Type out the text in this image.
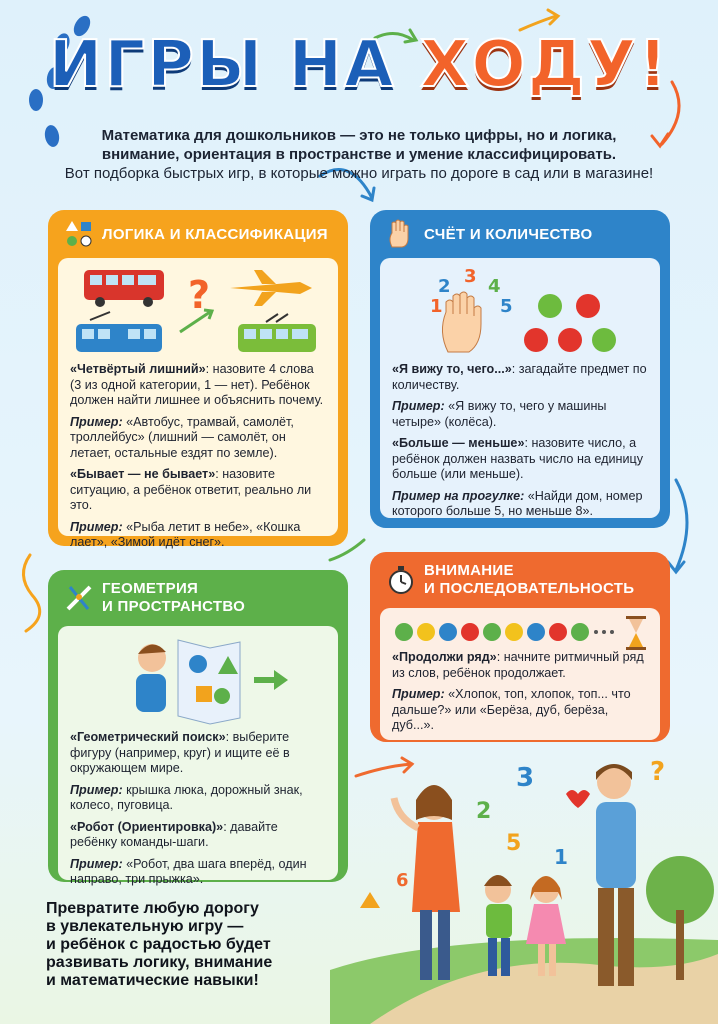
ИГРЫ НА ХОДУ!
Математика для дошкольников — это не только цифры, но и логика,
внимание, ориентация в пространстве и умение классифицировать.
Вот подборка быстрых игр, в которые можно играть по дороге в сад или в магазине!
ЛОГИКА И КЛАССИФИКАЦИЯ
?

«Четвёртый лишний»: назовите 4 слова (3 из одной категории, 1 — нет). Ребёнок должен найти лишнее и объяснить почему.

Пример: «Автобус, трамвай, самолёт, троллейбус» (лишний — самолёт, он летает, остальные ездят по земле).

«Бывает — не бывает»: назовите ситуацию, а ребёнок ответит, реально ли это.

Пример: «Рыба летит в небе», «Кошка лает», «Зимой идёт снег».

СЧЁТ И КОЛИЧЕСТВО
1
2 3 4
5

«Я вижу то, чего...»: загадайте предмет по количеству.

Пример: «Я вижу то, чего у машины четыре» (колёса).

«Больше — меньше»: назовите число, а ребёнок должен назвать число на единицу больше (или меньше).

Пример на прогулке: «Найди дом, номер которого больше 5, но меньше 8».

ГЕОМЕТРИЯ
И ПРОСТРАНСТВО

«Геометрический поиск»: выберите фигуру (например, круг) и ищите её в окружающем мире.

Пример: крышка люка, дорожный знак, колесо, пуговица.

«Робот (Ориентировка)»: давайте ребёнку команды-шаги.

Пример: «Робот, два шага вперёд, один направо, три прыжка».

ВНИМАНИЕ
И ПОСЛЕДОВАТЕЛЬНОСТЬ

«Продолжи ряд»: начните ритмичный ряд из слов, ребёнок продолжает.

Пример: «Хлопок, топ, хлопок, топ... что дальше?» или «Берёза, дуб, берёза, дуб...».

Превратите любую дорогу
в увлекательную игру —
и ребёнок с радостью будет
развивать логику, внимание
и математические навыки!
3
2
5
1
6
?
